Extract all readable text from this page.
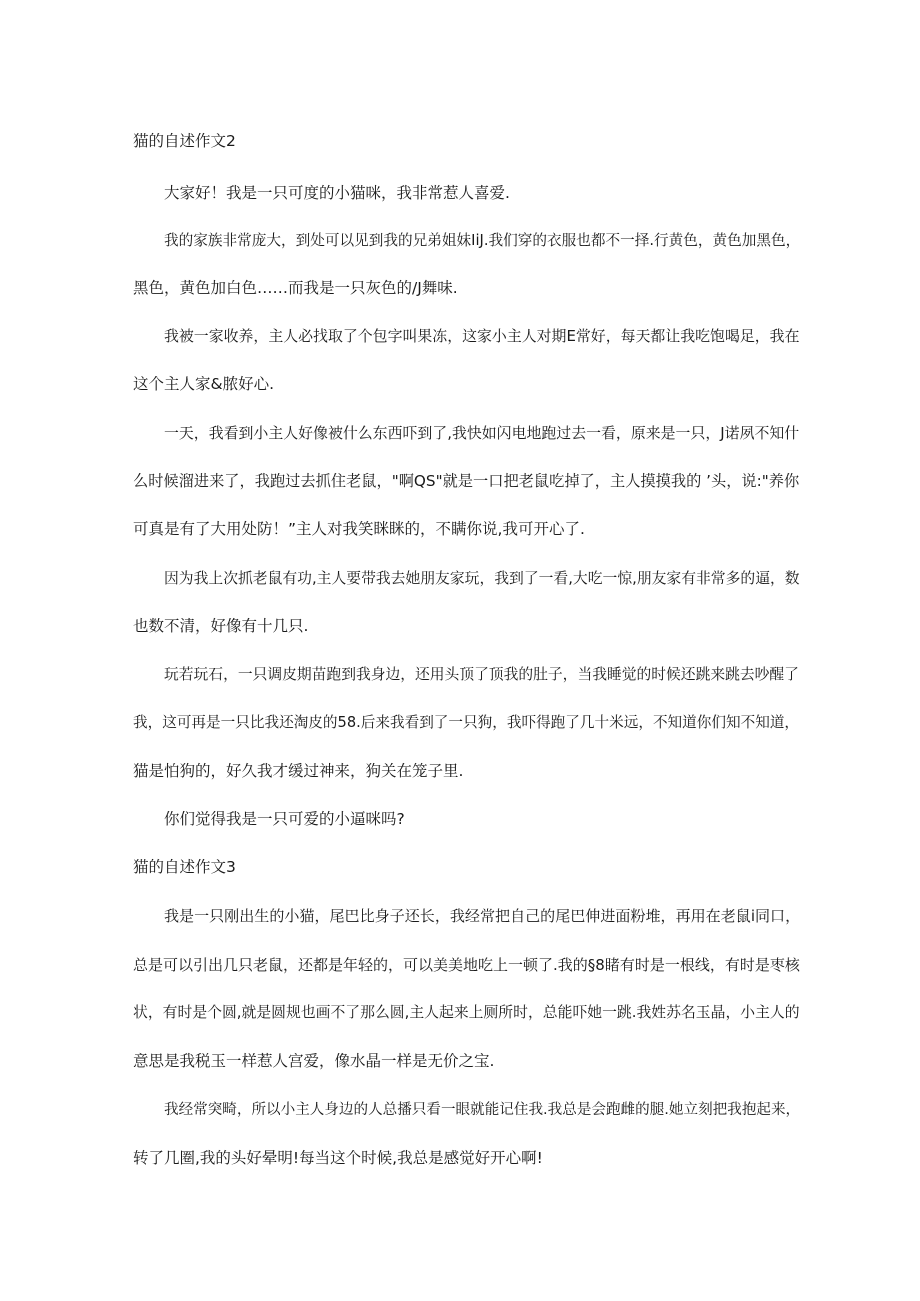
猫的自述作文2
大家好！我是一只可度的小猫咪，我非常惹人喜爱.
我的家族非常庞大，到处可以见到我的兄弟姐妹IiJ.我们穿的衣服也都不一择.行黄色，黄色加黑色，
黑色，黄色加白色……而我是一只灰色的/J舞味.
我被一家收养，主人必找取了个包字叫果冻，这家小主人对期E常好，每天都让我吃饱喝足，我在
这个主人家&脓好心.
一天，我看到小主人好像被什么东西吓到了,我快如闪电地跑过去一看，原来是一只，J诺夙不知什
么时候溜进来了，我跑过去抓住老鼠，"啊QS"就是一口把老鼠吃掉了，主人摸摸我的 ’头，说:"养你
可真是有了大用处防！”主人对我笑眯眯的，不瞒你说,我可开心了.
因为我上次抓老鼠有功,主人要带我去她朋友家玩，我到了一看,大吃一惊,朋友家有非常多的逼，数
也数不清，好像有十几只.
玩若玩石，一只调皮期苗跑到我身边，还用头顶了顶我的肚子，当我睡觉的时候还跳来跳去吵醒了
我，这可再是一只比我还淘皮的58.后来我看到了一只狗，我吓得跑了几十米远，不知道你们知不知道，
猫是怕狗的，好久我才缓过神来，狗关在笼子里.
你们觉得我是一只可爱的小逼咪吗?
猫的自述作文3
我是一只刚出生的小猫，尾巴比身子还长，我经常把自己的尾巴伸进面粉堆，再用在老鼠i同口，
总是可以引出几只老鼠，还都是年轻的，可以美美地吃上一顿了.我的§8睹有时是一根线，有时是枣核
状，有时是个圆,就是圆规也画不了那么圆,主人起来上厕所时，总能吓她一跳.我姓苏名玉晶，小主人的
意思是我税玉一样惹人宫爱，像水晶一样是无价之宝.
我经常突畸，所以小主人身边的人总播只看一眼就能记住我.我总是会跑雌的腿.她立刻把我抱起来，
转了几圈,我的头好晕明!每当这个时候,我总是感觉好开心啊!
